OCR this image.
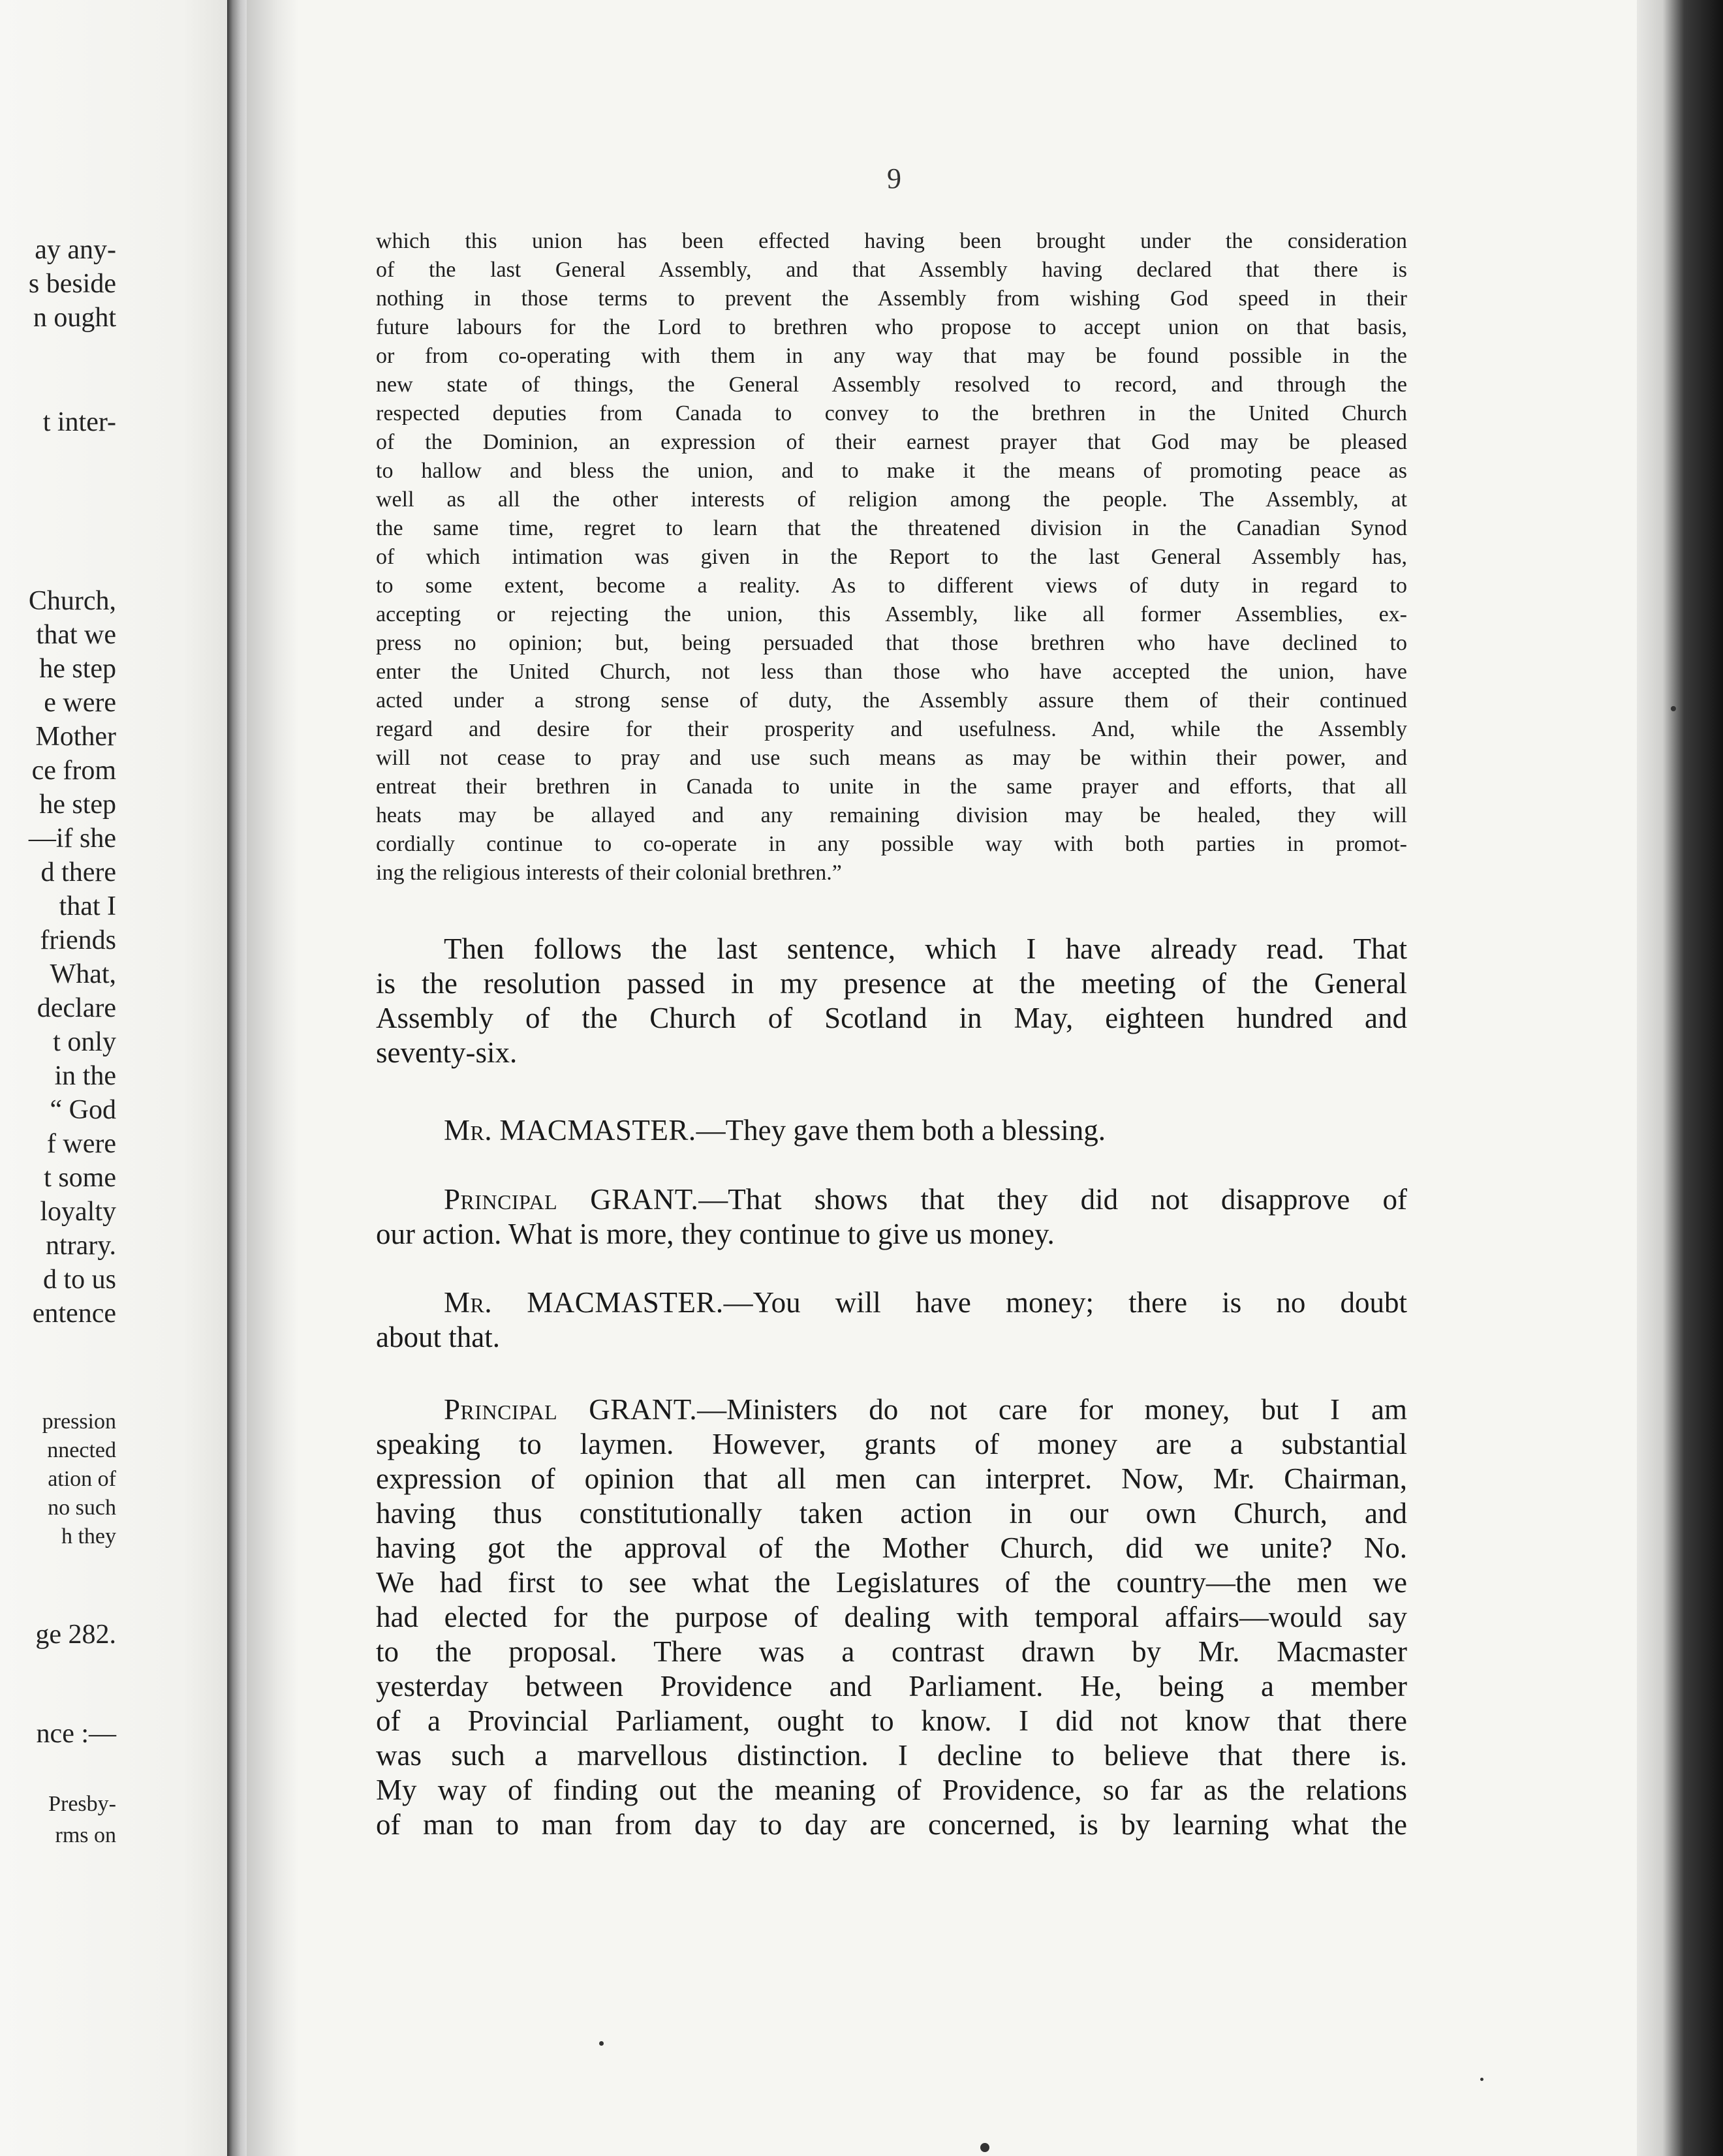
ay any-
s beside
n ought
t inter-
Church,
that we
he step
e were
Mother
ce from
he step
—if she
d there
that I
friends
What,
declare
t only
in the
“ God
f were
t some
loyalty
ntrary.
d to us
entence
pression
nnected
ation of
no such
h they
ge 282.
nce :—
Presby-
rms on
9
which this union has been effected having been brought under the consideration
of the last General Assembly, and that Assembly having declared that there is
nothing in those terms to prevent the Assembly from wishing God speed in their
future labours for the Lord to brethren who propose to accept union on that basis,
or from co-operating with them in any way that may be found possible in the
new state of things, the General Assembly resolved to record, and through the
respected deputies from Canada to convey to the brethren in the United Church
of the Dominion, an expression of their earnest prayer that God may be pleased
to hallow and bless the union, and to make it the means of promoting peace as
well as all the other interests of religion among the people. The Assembly, at
the same time, regret to learn that the threatened division in the Canadian Synod
of which intimation was given in the Report to the last General Assembly has,
to some extent, become a reality. As to different views of duty in regard to
accepting or rejecting the union, this Assembly, like all former Assemblies, ex-
press no opinion; but, being persuaded that those brethren who have declined to
enter the United Church, not less than those who have accepted the union, have
acted under a strong sense of duty, the Assembly assure them of their continued
regard and desire for their prosperity and usefulness. And, while the Assembly
will not cease to pray and use such means as may be within their power, and
entreat their brethren in Canada to unite in the same prayer and efforts, that all
heats may be allayed and any remaining division may be healed, they will
cordially continue to co-operate in any possible way with both parties in promot-
ing the religious interests of their colonial brethren.”
Then follows the last sentence, which I have already read. That
is the resolution passed in my presence at the meeting of the General
Assembly of the Church of Scotland in May, eighteen hundred and
seventy-six.
Mr. MACMASTER.—They gave them both a blessing.
Principal GRANT.—That shows that they did not disapprove of
our action. What is more, they continue to give us money.
Mr. MACMASTER.—You will have money; there is no doubt
about that.
Principal GRANT.—Ministers do not care for money, but I am
speaking to laymen. However, grants of money are a substantial
expression of opinion that all men can interpret. Now, Mr. Chairman,
having thus constitutionally taken action in our own Church, and
having got the approval of the Mother Church, did we unite? No.
We had first to see what the Legislatures of the country—the men we
had elected for the purpose of dealing with temporal affairs—would say
to the proposal. There was a contrast drawn by Mr. Macmaster
yesterday between Providence and Parliament. He, being a member
of a Provincial Parliament, ought to know. I did not know that there
was such a marvellous distinction. I decline to believe that there is.
My way of finding out the meaning of Providence, so far as the relations
of man to man from day to day are concerned, is by learning what the
